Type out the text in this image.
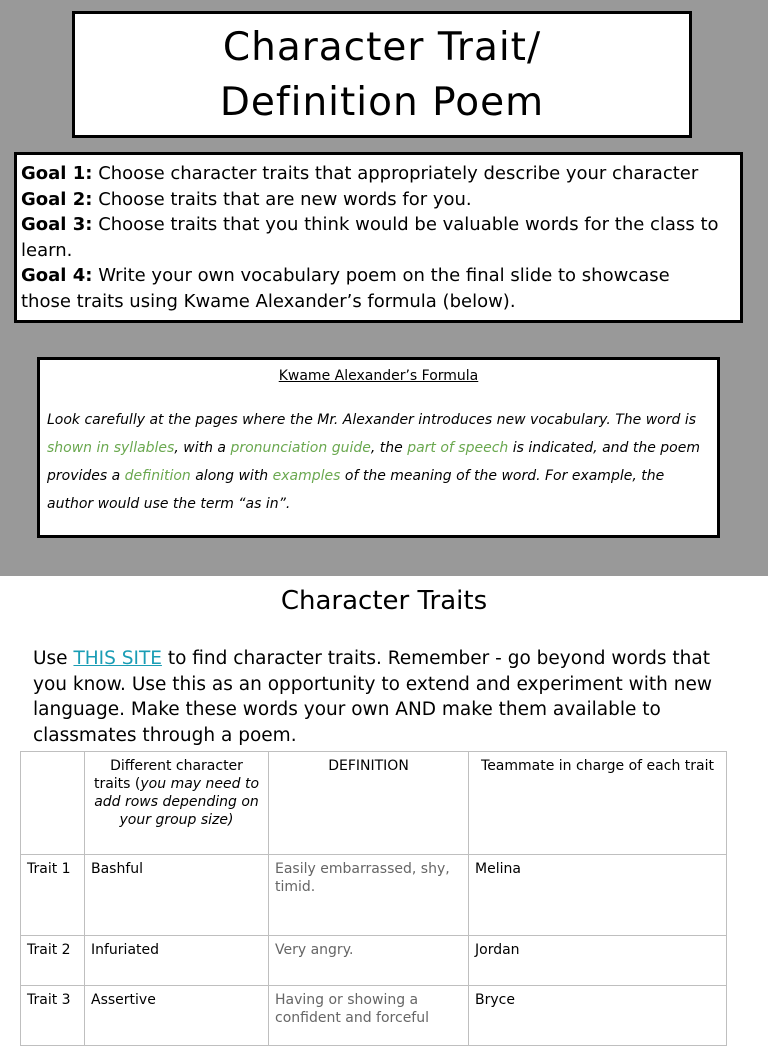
Character Trait/
Definition Poem
Goal 1: Choose character traits that appropriately describe your character
Goal 2: Choose traits that are new words for you.
Goal 3: Choose traits that you think would be valuable words for the class to learn.
Goal 4: Write your own vocabulary poem on the final slide to showcase
those traits using Kwame Alexander’s formula (below).
Kwame Alexander’s Formula
Look carefully at the pages where the Mr. Alexander introduces new vocabulary. The word is shown in syllables, with a pronunciation guide, the part of speech is indicated, and the poem provides a definition along with examples of the meaning of the word. For example, the author would use the term “as in”.
Character Traits
Use THIS SITE to find character traits. Remember - go beyond words that you know. Use this as an opportunity to extend and experiment with new language. Make these words your own AND make them available to classmates through a poem.
	Different character traits (you may need to add rows depending on your group size)	DEFINITION	Teammate in charge of each trait
Trait 1	Bashful	Easily embarrassed, shy, timid.	Melina
Trait 2	Infuriated	Very angry.	Jordan
Trait 3	Assertive	Having or showing a confident and forceful	Bryce
